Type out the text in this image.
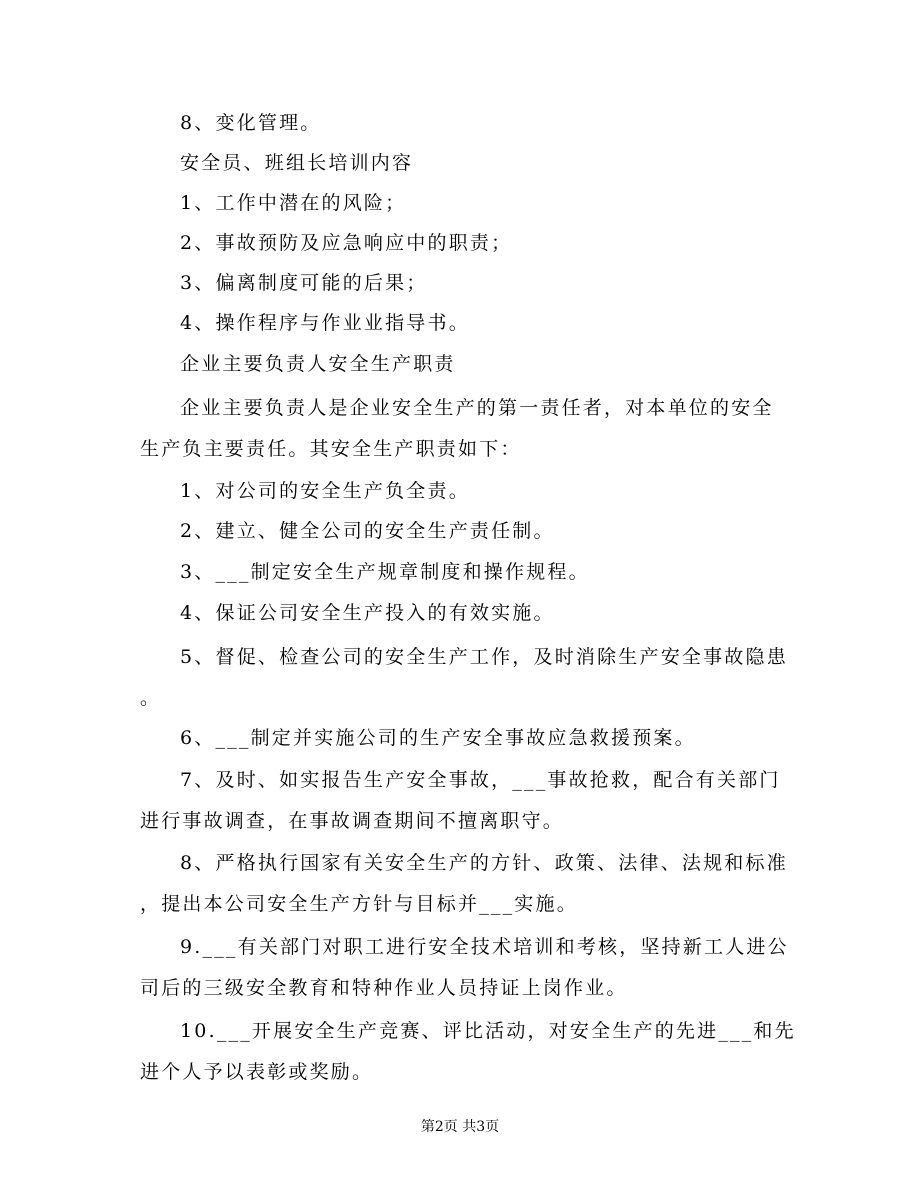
8、变化管理。
安全员、班组长培训内容
1、工作中潜在的风险；
2、事故预防及应急响应中的职责；
3、偏离制度可能的后果；
4、操作程序与作业业指导书。
企业主要负责人安全生产职责
企业主要负责人是企业安全生产的第一责任者，对本单位的安全
生产负主要责任。其安全生产职责如下：
1、对公司的安全生产负全责。
2、建立、健全公司的安全生产责任制。
3、___制定安全生产规章制度和操作规程。
4、保证公司安全生产投入的有效实施。
5、督促、检查公司的安全生产工作，及时消除生产安全事故隐患
。
6、___制定并实施公司的生产安全事故应急救援预案。
7、及时、如实报告生产安全事故，___事故抢救，配合有关部门
进行事故调查，在事故调查期间不擅离职守。
8、严格执行国家有关安全生产的方针、政策、法律、法规和标准
，提出本公司安全生产方针与目标并___实施。
9.___有关部门对职工进行安全技术培训和考核，坚持新工人进公
司后的三级安全教育和特种作业人员持证上岗作业。
10.___开展安全生产竞赛、评比活动，对安全生产的先进___和先
进个人予以表彰或奖励。
第2页 共3页
